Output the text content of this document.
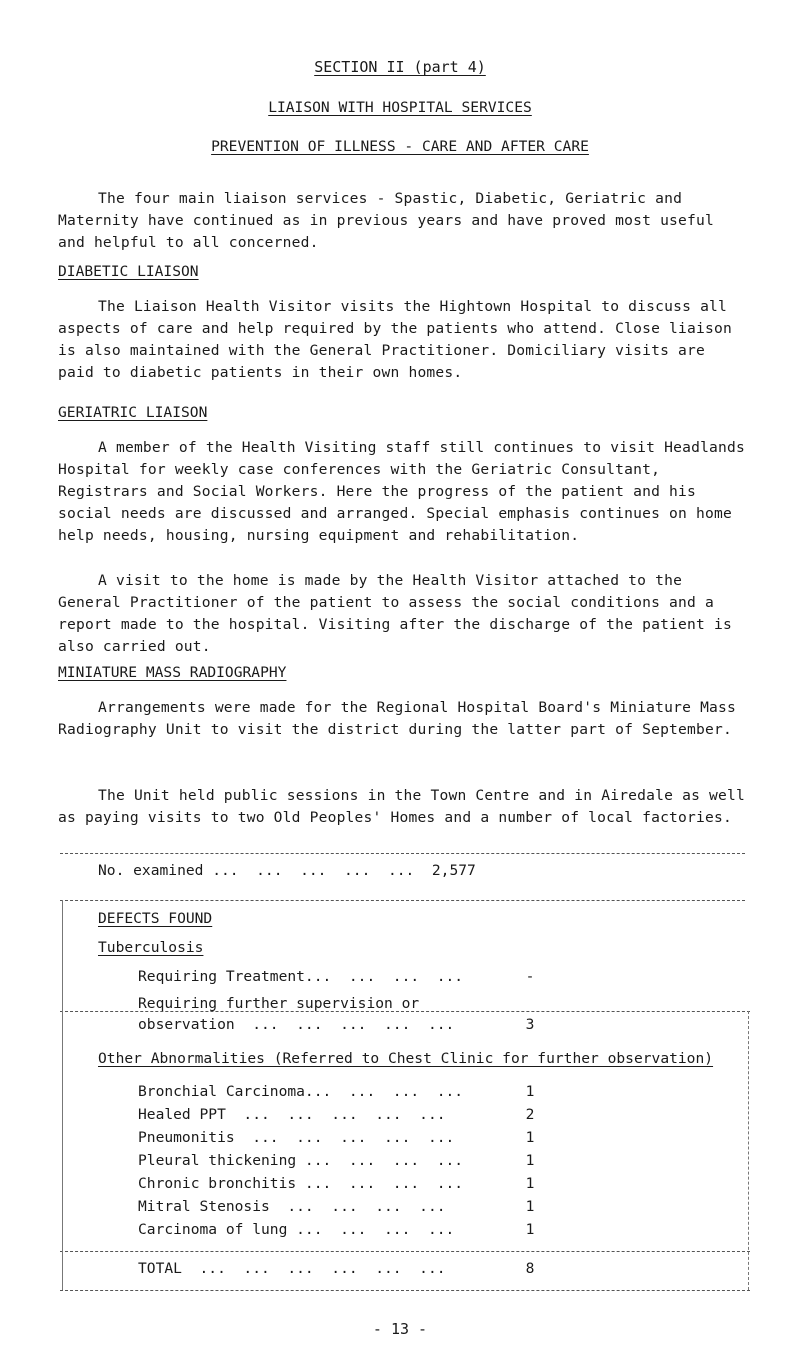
SECTION II (part 4)
LIAISON WITH HOSPITAL SERVICES
PREVENTION OF ILLNESS - CARE AND AFTER CARE

The four main liaison services - Spastic, Diabetic, Geriatric and Maternity have continued as in previous years and have proved most useful and helpful to all concerned.

DIABETIC LIAISON

The Liaison Health Visitor visits the Hightown Hospital to discuss all aspects of care and help required by the patients who attend. Close liaison is also maintained with the General Practitioner. Domiciliary visits are paid to diabetic patients in their own homes.

GERIATRIC LIAISON

A member of the Health Visiting staff still continues to visit Headlands Hospital for weekly case conferences with the Geriatric Consultant, Registrars and Social Workers. Here the progress of the patient and his social needs are discussed and arranged. Special emphasis continues on home help needs, housing, nursing equipment and rehabilitation.

A visit to the home is made by the Health Visitor attached to the General Practitioner of the patient to assess the social conditions and a report made to the hospital. Visiting after the discharge of the patient is also carried out.

MINIATURE MASS RADIOGRAPHY

Arrangements were made for the Regional Hospital Board's Miniature Mass Radiography Unit to visit the district during the latter part of September.

The Unit held public sessions in the Town Centre and in Airedale as well as paying visits to two Old Peoples' Homes and a number of local factories.

No. examined ...  ...  ...  ...  ...  2,577
DEFECTS FOUND
Tuberculosis
Requiring Treatment...  ...  ...  ...	-
Requiring further supervision or
observation  ...  ...  ...  ...  ...	3
Other Abnormalities (Referred to Chest Clinic for further observation)
Bronchial Carcinoma...  ...  ...  ...	1
Healed PPT  ...  ...  ...  ...  ...	2
Pneumonitis  ...  ...  ...  ...  ...	1
Pleural thickening ...  ...  ...  ...	1
Chronic bronchitis ...  ...  ...  ...	1
Mitral Stenosis  ...  ...  ...  ...	1
Carcinoma of lung ...  ...  ...  ...	1
TOTAL  ...  ...  ...  ...  ...  ...	8
- 13 -
